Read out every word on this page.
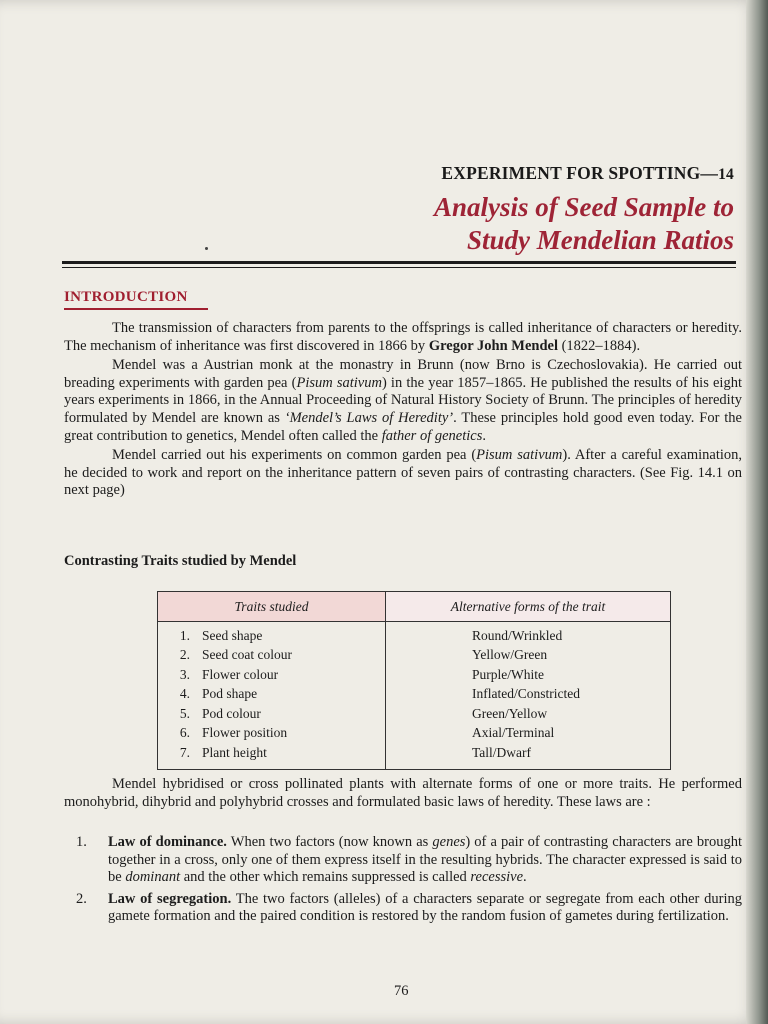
EXPERIMENT FOR SPOTTING—14
Analysis of Seed Sample to
Study Mendelian Ratios
INTRODUCTION

The transmission of characters from parents to the offsprings is called inheritance of characters or heredity. The mechanism of inheritance was first discovered in 1866 by Gregor John Mendel (1822–1884).

Mendel was a Austrian monk at the monastry in Brunn (now Brno is Czechoslovakia). He carried out breading experiments with garden pea (Pisum sativum) in the year 1857–1865. He published the results of his eight years experiments in 1866, in the Annual Proceeding of Natural History Society of Brunn. The principles of heredity formulated by Mendel are known as ‘Mendel’s Laws of Heredity’. These principles hold good even today. For the great contribution to genetics, Mendel often called the father of genetics.

Mendel carried out his experiments on common garden pea (Pisum sativum). After a careful examination, he decided to work and report on the inheritance pattern of seven pairs of contrasting characters. (See Fig. 14.1 on next page)

Contrasting Traits studied by Mendel
Traits studied	Alternative forms of the trait
1. Seed shape	Round/Wrinkled
2. Seed coat colour	Yellow/Green
3. Flower colour	Purple/White
4. Pod shape	Inflated/Constricted
5. Pod colour	Green/Yellow
6. Flower position	Axial/Terminal
7. Plant height	Tall/Dwarf

Mendel hybridised or cross pollinated plants with alternate forms of one or more traits. He performed monohybrid, dihybrid and polyhybrid crosses and formulated basic laws of heredity. These laws are :

1. Law of dominance. When two factors (now known as genes) of a pair of contrasting characters are brought together in a cross, only one of them express itself in the resulting hybrids. The character expressed is said to be dominant and the other which remains suppressed is called recessive.
2. Law of segregation. The two factors (alleles) of a characters separate or segregate from each other during gamete formation and the paired condition is restored by the random fusion of gametes during fertilization.
76
